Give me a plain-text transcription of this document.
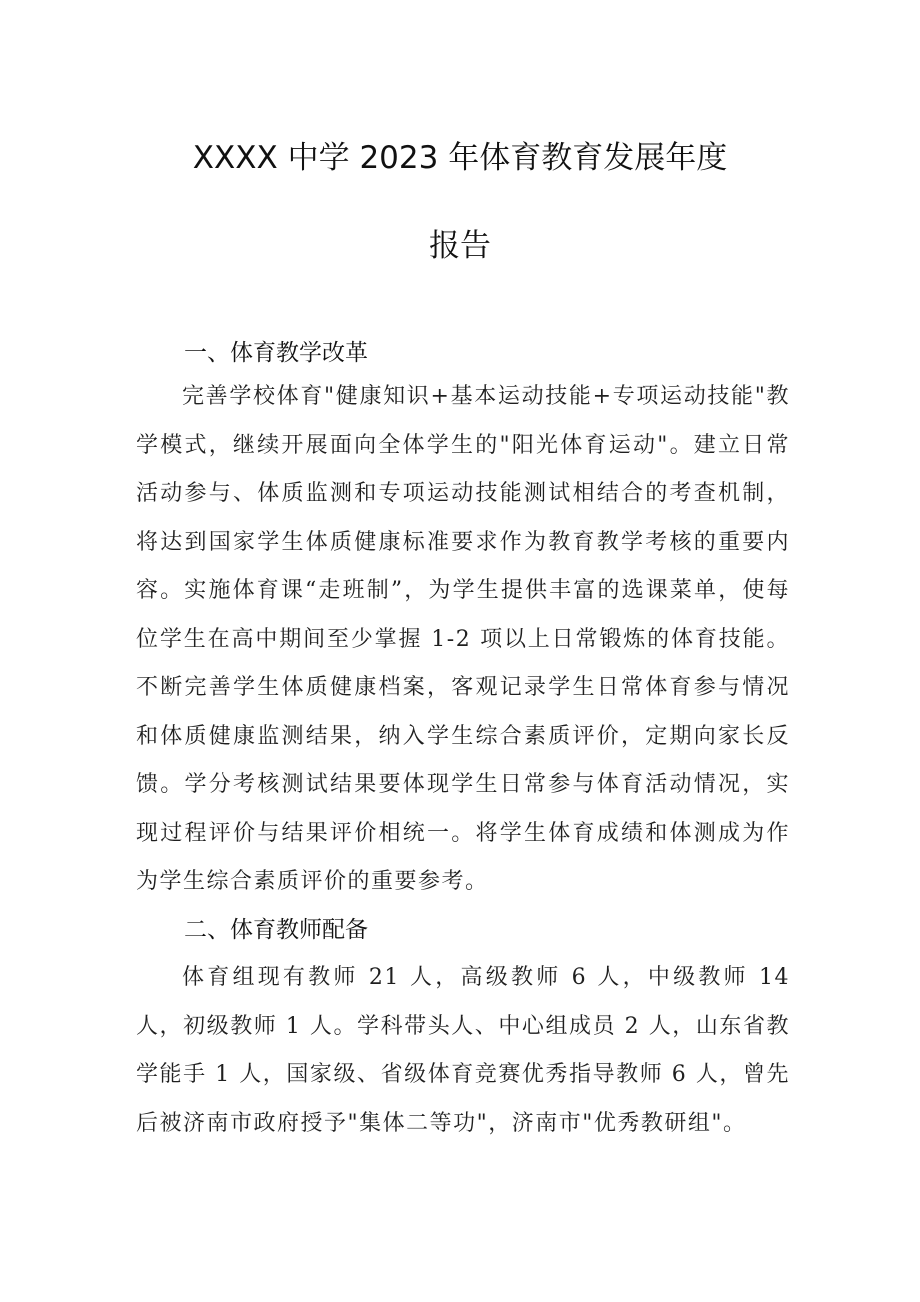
XXXX 中学 2023 年体育教育发展年度
报告
一、体育教学改革

完善学校体育"健康知识+基本运动技能+专项运动技能"教学模式，继续开展面向全体学生的"阳光体育运动"。建立日常活动参与、体质监测和专项运动技能测试相结合的考查机制，将达到国家学生体质健康标准要求作为教育教学考核的重要内容。实施体育课“走班制”，为学生提供丰富的选课菜单，使每位学生在高中期间至少掌握 1-2 项以上日常锻炼的体育技能。不断完善学生体质健康档案，客观记录学生日常体育参与情况和体质健康监测结果，纳入学生综合素质评价，定期向家长反馈。学分考核测试结果要体现学生日常参与体育活动情况，实现过程评价与结果评价相统一。将学生体育成绩和体测成为作为学生综合素质评价的重要参考。

二、体育教师配备

体育组现有教师 21 人，高级教师 6 人，中级教师 14 人，初级教师 1 人。学科带头人、中心组成员 2 人，山东省教学能手 1 人，国家级、省级体育竞赛优秀指导教师 6 人，曾先后被济南市政府授予"集体二等功"，济南市"优秀教研组"。
